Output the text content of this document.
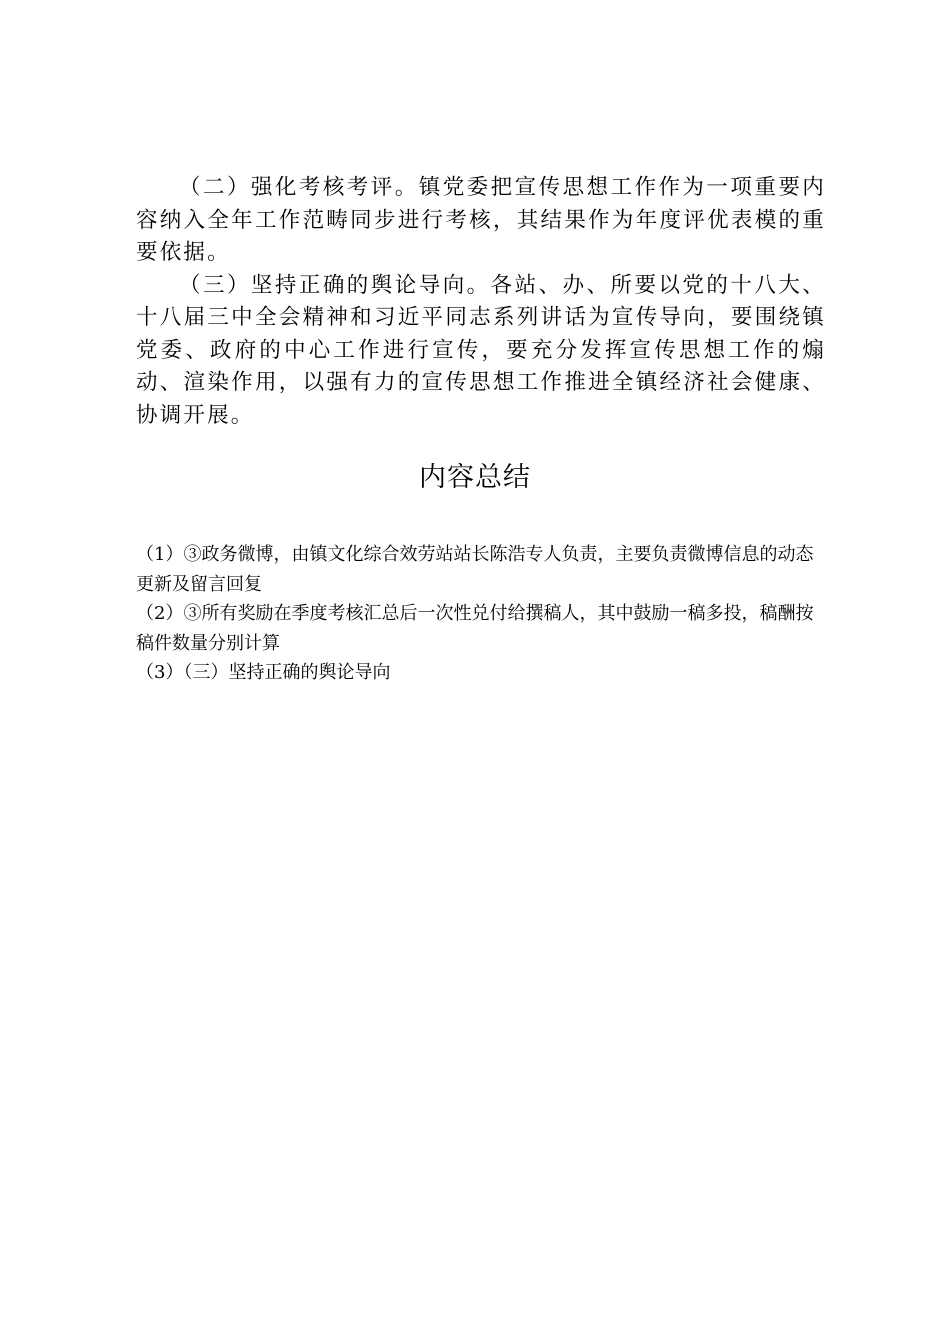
（二）强化考核考评。镇党委把宣传思想工作作为一项重要内容纳入全年工作范畴同步进行考核，其结果作为年度评优表模的重要依据。

（三）坚持正确的舆论导向。各站、办、所要以党的十八大、十八届三中全会精神和习近平同志系列讲话为宣传导向，要围绕镇党委、政府的中心工作进行宣传，要充分发挥宣传思想工作的煽动、渲染作用，以强有力的宣传思想工作推进全镇经济社会健康、协调开展。

内容总结

（1）③政务微博，由镇文化综合效劳站站长陈浩专人负责，主要负责微博信息的动态更新及留言回复

（2）③所有奖励在季度考核汇总后一次性兑付给撰稿人，其中鼓励一稿多投，稿酬按稿件数量分别计算

（3）（三）坚持正确的舆论导向
